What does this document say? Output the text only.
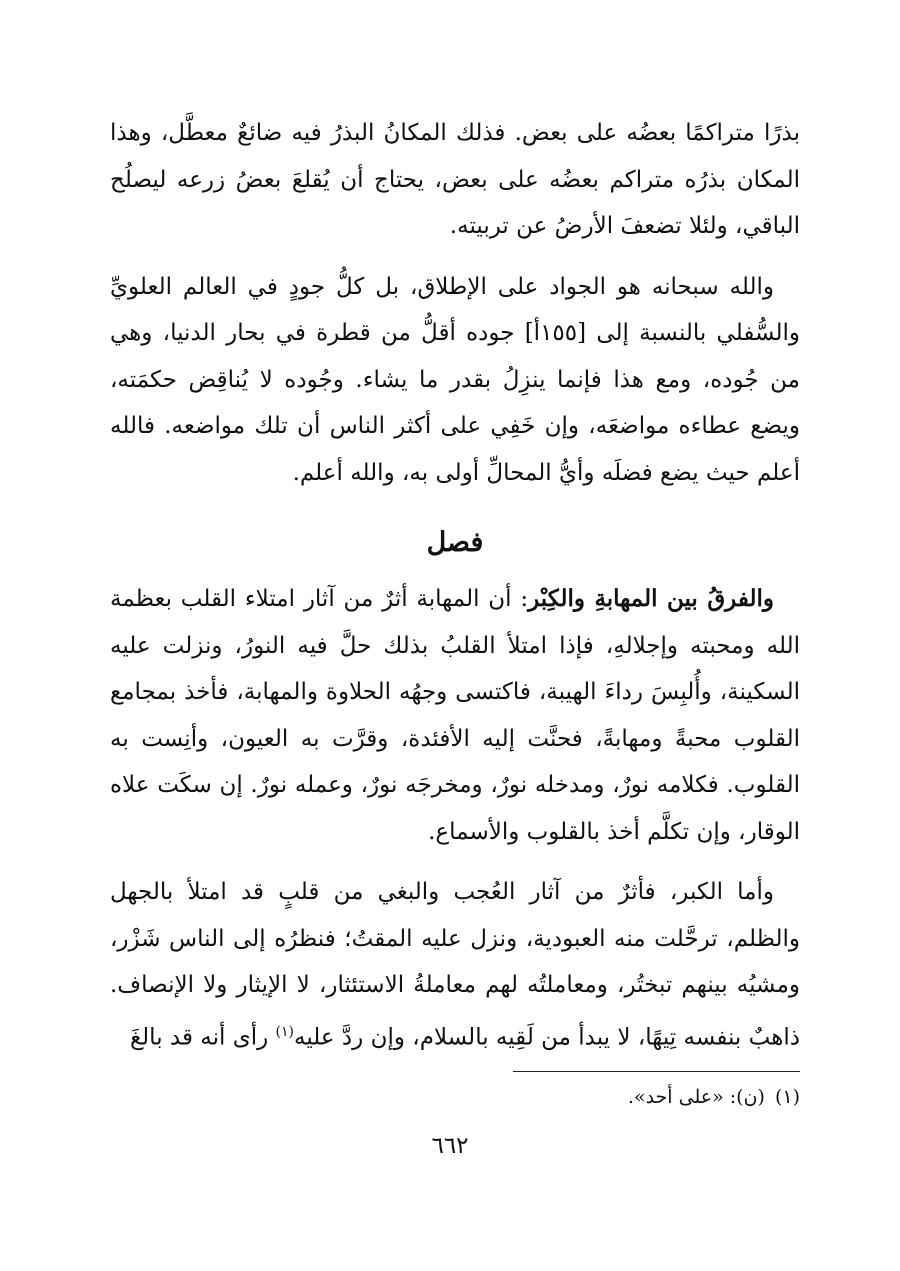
بذرًا متراكمًا بعضُه على بعض. فذلك المكانُ البذرُ فيه ضائعٌ معطَّل، وهذا المكان بذرُه متراكم بعضُه على بعض، يحتاج أن يُقلعَ بعضُ زرعه ليصلُح الباقي، ولئلا تضعفَ الأرضُ عن تربيته.

والله سبحانه هو الجواد على الإطلاق، بل كلُّ جودٍ في العالم العلويِّ والسُّفلي بالنسبة إلى [١٥٥أ] جوده أقلُّ من قطرة في بحار الدنيا، وهي من جُوده، ومع هذا فإنما ينزِلُ بقدر ما يشاء. وجُوده لا يُناقِض حكمَته، ويضع عطاءه مواضعَه، وإن خَفِي على أكثر الناس أن تلك مواضعه. فالله أعلم حيث يضع فضلَه وأيُّ المحالِّ أولى به، والله أعلم.

فصل

والفرقُ بين المهابةِ والكِبْر: أن المهابة أثرٌ من آثار امتلاء القلب بعظمة الله ومحبته وإجلالهِ، فإذا امتلأ القلبُ بذلك حلَّ فيه النورُ، ونزلت عليه السكينة، وأُلبِسَ رداءَ الهيبة، فاكتسى وجهُه الحلاوة والمهابة، فأخذ بمجامع القلوب محبةً ومهابةً، فحنَّت إليه الأفئدة، وقرَّت به العيون، وأنِست به القلوب. فكلامه نورٌ، ومدخله نورٌ، ومخرجَه نورٌ، وعمله نورٌ. إن سكَت علاه الوقار، وإن تكلَّم أخذ بالقلوب والأسماع.

وأما الكبر، فأثرٌ من آثار العُجب والبغي من قلبٍ قد امتلأ بالجهل والظلم، ترحَّلت منه العبودية، ونزل عليه المقتُ؛ فنظرُه إلى الناس شَزْر، ومشيُه بينهم تبختُر، ومعاملتُه لهم معاملةُ الاستئثار، لا الإيثار ولا الإنصاف. ذاهبٌ بنفسه تِيهًا، لا يبدأ من لَقِيه بالسلام، وإن ردَّ عليه$^{(١)}$ رأى أنه قد بالغَ

(١)(ن): «على أحد».
٦٦٢
